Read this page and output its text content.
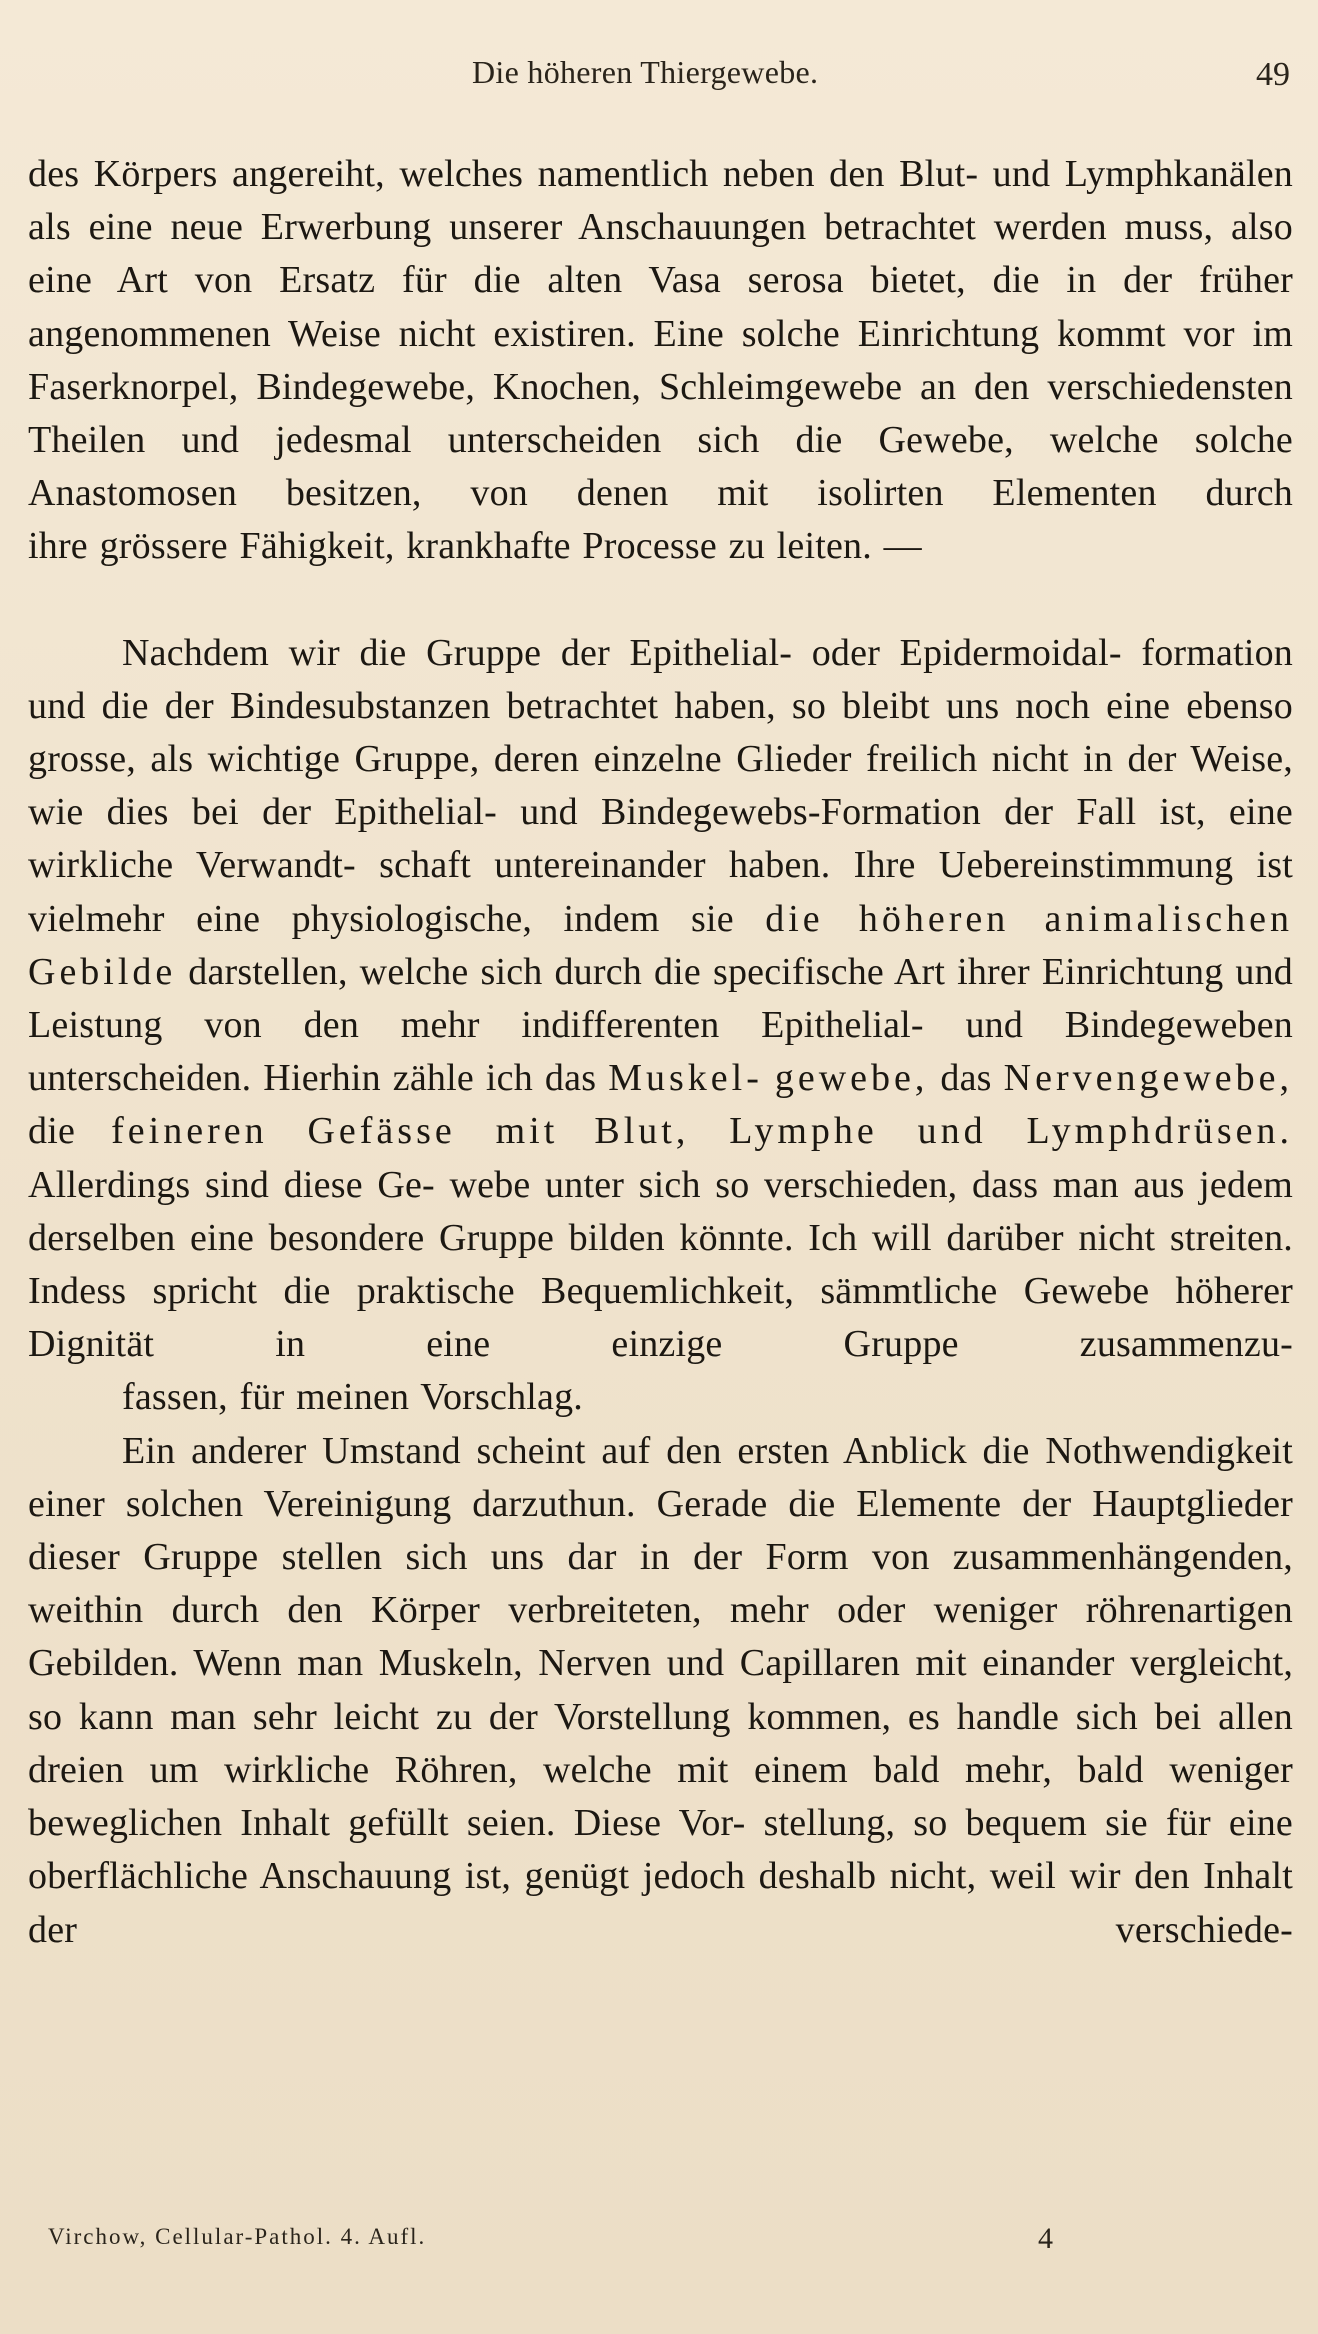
Die höheren Thiergewebe.	49
des Körpers angereiht, welches namentlich neben den Blut- und Lymphkanälen als eine neue Erwerbung unserer Anschauungen betrachtet werden muss, also eine Art von Ersatz für die alten Vasa serosa bietet, die in der früher angenommenen Weise nicht existiren. Eine solche Einrichtung kommt vor im Faserknorpel, Bindegewebe, Knochen, Schleimgewebe an den verschiedensten Theilen und jedesmal unterscheiden sich die Gewebe, welche solche Anastomosen besitzen, von denen mit isolirten Elementen durch
ihre grössere Fähigkeit, krankhafte Processe zu leiten. —
Nachdem wir die Gruppe der Epithelial- oder Epidermoidal- formation und die der Bindesubstanzen betrachtet haben, so bleibt uns noch eine ebenso grosse, als wichtige Gruppe, deren einzelne Glieder freilich nicht in der Weise, wie dies bei der Epithelial- und Bindegewebs-Formation der Fall ist, eine wirkliche Verwandt- schaft untereinander haben. Ihre Uebereinstimmung ist vielmehr eine physiologische, indem sie die höheren animalischen Gebilde darstellen, welche sich durch die specifische Art ihrer Einrichtung und Leistung von den mehr indifferenten Epithelial- und Bindegeweben unterscheiden. Hierhin zähle ich das Muskel- gewebe, das Nervengewebe, die feineren Gefässe mit Blut, Lymphe und Lymphdrüsen. Allerdings sind diese Ge- webe unter sich so verschieden, dass man aus jedem derselben eine besondere Gruppe bilden könnte. Ich will darüber nicht streiten. Indess spricht die praktische Bequemlichkeit, sämmtliche Gewebe höherer Dignität in eine einzige Gruppe zusammenzu-
fassen, für meinen Vorschlag.
Ein anderer Umstand scheint auf den ersten Anblick die Nothwendigkeit einer solchen Vereinigung darzuthun. Gerade die Elemente der Hauptglieder dieser Gruppe stellen sich uns dar in der Form von zusammenhängenden, weithin durch den Körper verbreiteten, mehr oder weniger röhrenartigen Gebilden. Wenn man Muskeln, Nerven und Capillaren mit einander vergleicht, so kann man sehr leicht zu der Vorstellung kommen, es handle sich bei allen dreien um wirkliche Röhren, welche mit einem bald mehr, bald weniger beweglichen Inhalt gefüllt seien. Diese Vor- stellung, so bequem sie für eine oberflächliche Anschauung ist, genügt jedoch deshalb nicht, weil wir den Inhalt der verschiede-
Virchow, Cellular-Pathol. 4. Aufl.	4
